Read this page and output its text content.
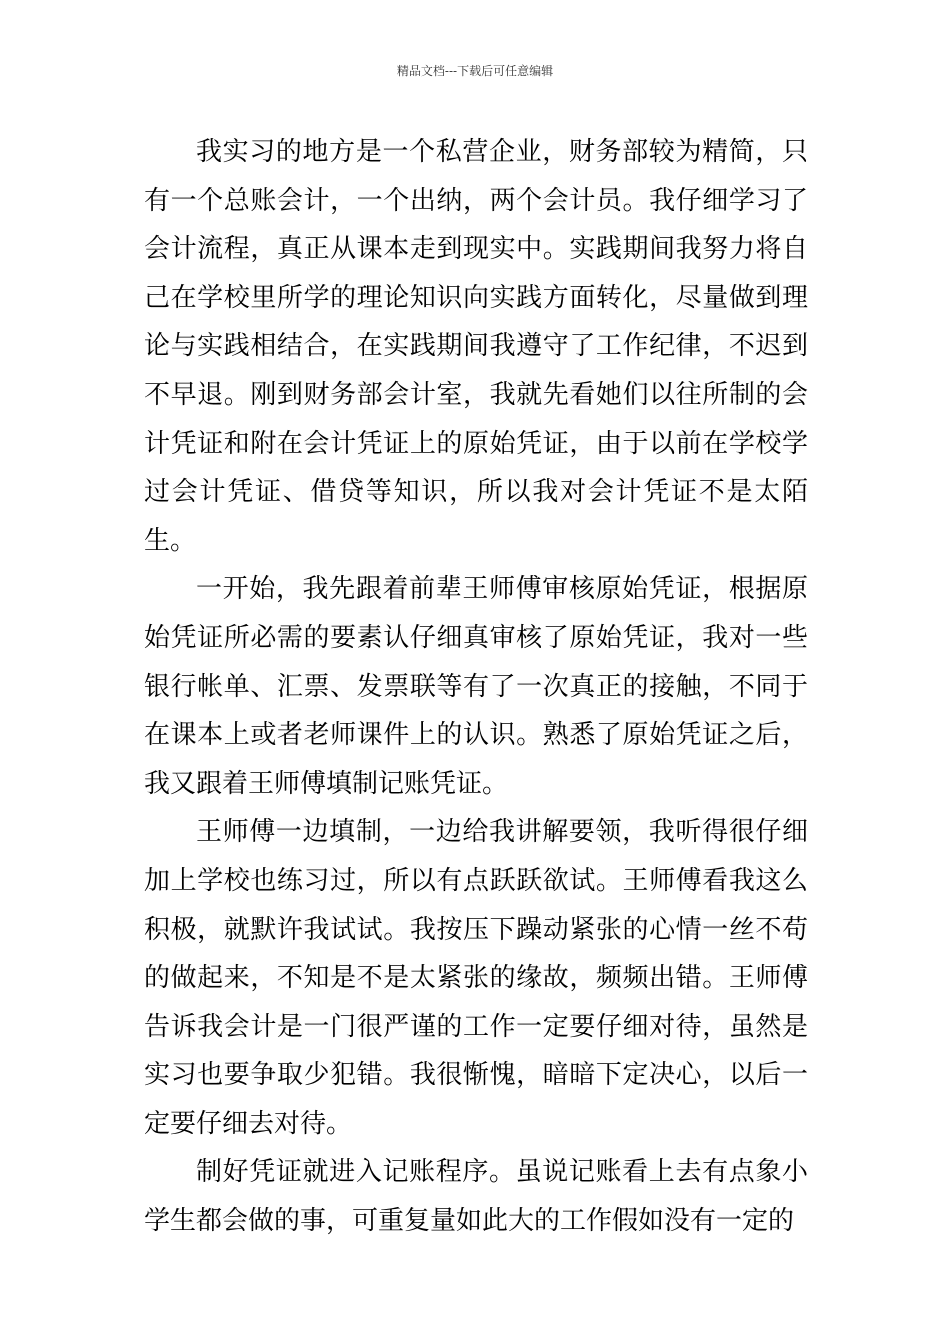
精品文档---下载后可任意编辑

我实习的地方是一个私营企业，财务部较为精简，只有一个总账会计，一个出纳，两个会计员。我仔细学习了会计流程，真正从课本走到现实中。实践期间我努力将自己在学校里所学的理论知识向实践方面转化，尽量做到理论与实践相结合，在实践期间我遵守了工作纪律，不迟到不早退。刚到财务部会计室，我就先看她们以往所制的会计凭证和附在会计凭证上的原始凭证，由于以前在学校学过会计凭证、借贷等知识，所以我对会计凭证不是太陌生。

一开始，我先跟着前辈王师傅审核原始凭证，根据原始凭证所必需的要素认仔细真审核了原始凭证，我对一些银行帐单、汇票、发票联等有了一次真正的接触，不同于在课本上或者老师课件上的认识。熟悉了原始凭证之后，我又跟着王师傅填制记账凭证。

王师傅一边填制，一边给我讲解要领，我听得很仔细加上学校也练习过，所以有点跃跃欲试。王师傅看我这么积极，就默许我试试。我按压下躁动紧张的心情一丝不苟的做起来，不知是不是太紧张的缘故，频频出错。王师傅告诉我会计是一门很严谨的工作一定要仔细对待，虽然是实习也要争取少犯错。我很惭愧，暗暗下定决心，以后一定要仔细去对待。

制好凭证就进入记账程序。虽说记账看上去有点象小学生都会做的事，可重复量如此大的工作假如没有一定的
